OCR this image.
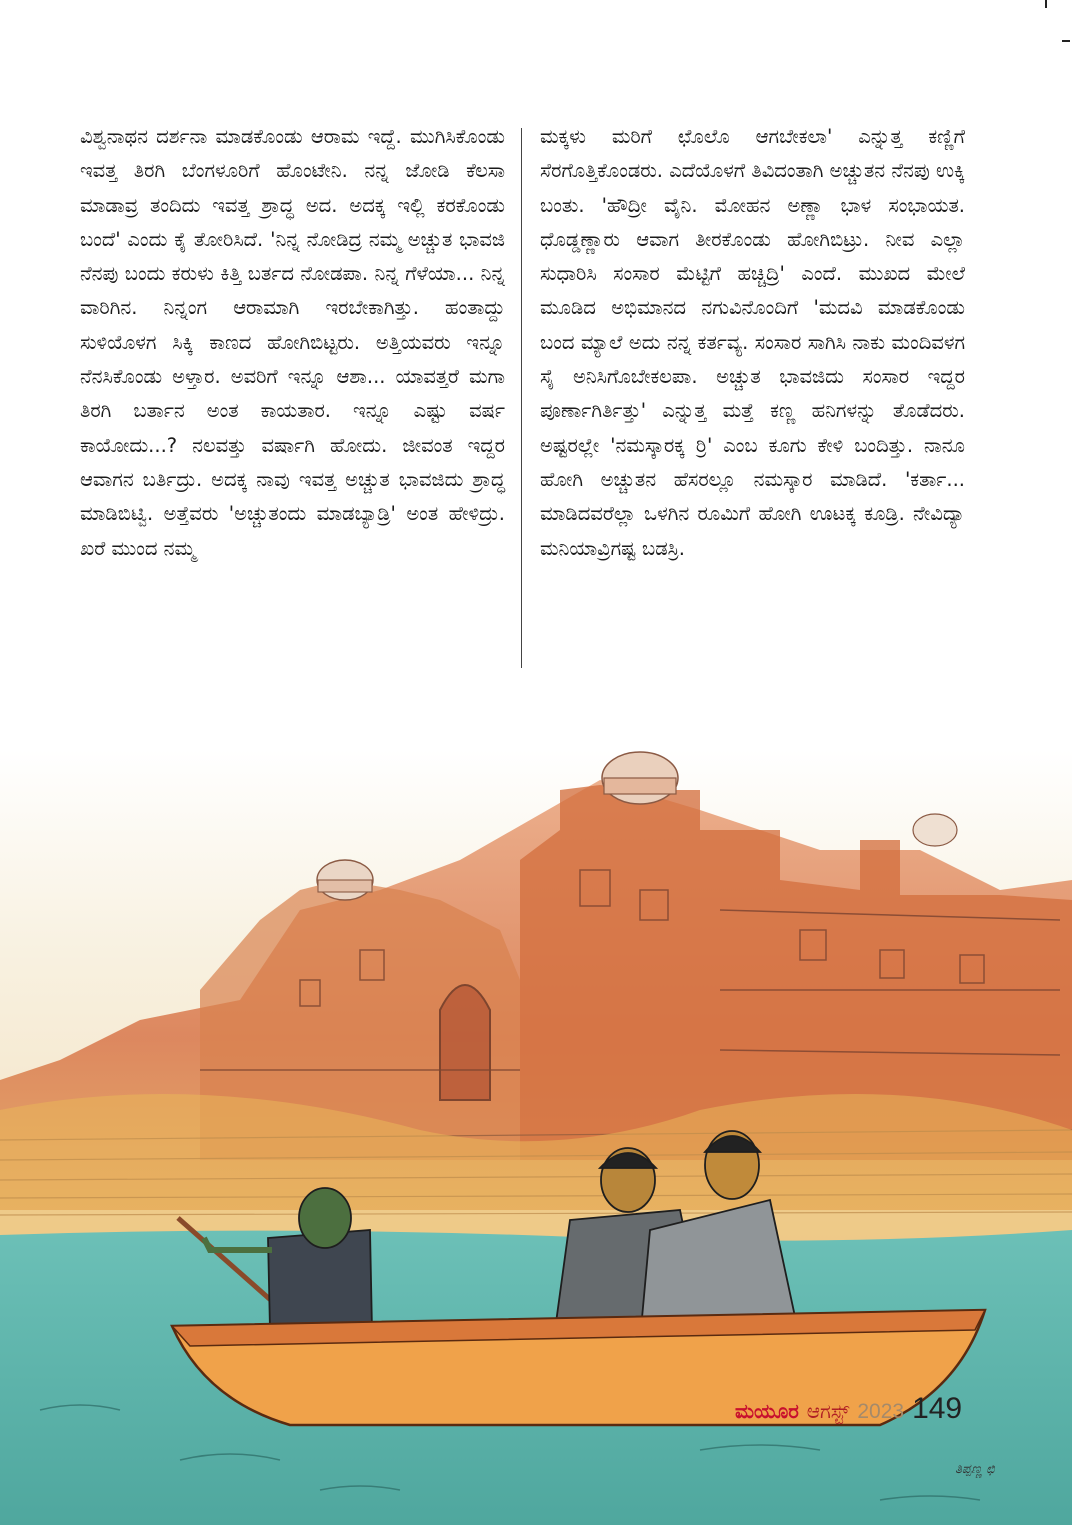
ವಿಶ್ವನಾಥನ ದರ್ಶನಾ ಮಾಡಕೊಂಡು ಆರಾಮ ಇದ್ದೆ. ಮುಗಿಸಿಕೊಂಡು ಇವತ್ತ ತಿರಗಿ ಬೆಂಗಳೂರಿಗೆ ಹೊಂಟೇನಿ. ನನ್ನ ಜೋಡಿ ಕೆಲಸಾ ಮಾಡಾವ್ರ ತಂದಿದು ಇವತ್ತ ಶ್ರಾದ್ಧ ಅದ. ಅದಕ್ಕ ಇಲ್ಲಿ ಕರಕೊಂಡು ಬಂದೆ' ಎಂದು ಕೈ ತೋರಿಸಿದೆ. 'ನಿನ್ನ ನೋಡಿದ್ರ ನಮ್ಮ ಅಚ್ಚುತ ಭಾವಜಿ ನೆನಪು ಬಂದು ಕರುಳು ಕಿತ್ತಿ ಬರ್ತದ ನೋಡಪಾ. ನಿನ್ನ ಗೆಳೆಯಾ... ನಿನ್ನ ವಾರಿಗಿನ. ನಿನ್ನಂಗ ಆರಾಮಾಗಿ ಇರಬೇಕಾಗಿತ್ತು. ಹಂತಾದ್ದು ಸುಳಿಯೊಳಗ ಸಿಕ್ಕಿ ಕಾಣದ ಹೋಗಿಬಿಟ್ಟರು. ಅತ್ತಿಯವರು ಇನ್ನೂ ನೆನಸಿಕೊಂಡು ಅಳ್ತಾರ. ಅವರಿಗೆ ಇನ್ನೂ ಆಶಾ... ಯಾವತ್ತರೆ ಮಗಾ ತಿರಗಿ ಬರ್ತಾನ ಅಂತ ಕಾಯತಾರ. ಇನ್ನೂ ಎಷ್ಟು ವರ್ಷ ಕಾಯೋದು...? ನಲವತ್ತು ವರ್ಷಾಗಿ ಹೋದು. ಜೀವಂತ ಇದ್ದರ ಆವಾಗನ ಬರ್ತಿದ್ರು. ಅದಕ್ಕ ನಾವು ಇವತ್ತ ಅಚ್ಚುತ ಭಾವಜಿದು ಶ್ರಾದ್ಧ ಮಾಡಿಬಿಟ್ವಿ. ಅತ್ತೆವರು 'ಅಚ್ಚುತಂದು ಮಾಡಬ್ಯಾಡ್ರಿ' ಅಂತ ಹೇಳಿದ್ರು. ಖರೆ ಮುಂದ ನಮ್ಮ

ಮಕ್ಕಳು ಮರಿಗೆ ಛೊಲೊ ಆಗಬೇಕಲಾ' ಎನ್ನುತ್ತ ಕಣ್ಣಿಗೆ ಸೆರಗೊತ್ತಿಕೊಂಡರು. ಎದೆಯೊಳಗೆ ತಿವಿದಂತಾಗಿ ಅಚ್ಚುತನ ನೆನಪು ಉಕ್ಕಿ ಬಂತು. 'ಹೌದ್ರೀ ವೈನಿ. ಮೋಹನ ಅಣ್ಣಾ ಭಾಳ ಸಂಭಾಯತ. ಧೊಡ್ಡಣ್ಣಾರು ಆವಾಗ ತೀರಕೊಂಡು ಹೋಗಿಬಿಟ್ರು. ನೀವ ಎಲ್ಲಾ ಸುಧಾರಿಸಿ ಸಂಸಾರ ಮೆಟ್ಟಿಗೆ ಹಚ್ಚಿದ್ರಿ' ಎಂದೆ. ಮುಖದ ಮೇಲೆ ಮೂಡಿದ ಅಭಿಮಾನದ ನಗುವಿನೊಂದಿಗೆ 'ಮದವಿ ಮಾಡಕೊಂಡು ಬಂದ ಮ್ಯಾಲೆ ಅದು ನನ್ನ ಕರ್ತವ್ಯ. ಸಂಸಾರ ಸಾಗಿಸಿ ನಾಕು ಮಂದಿವಳಗ ಸೈ ಅನಿಸಿಗೊಬೇಕಲಪಾ. ಅಚ್ಚುತ ಭಾವಜಿದು ಸಂಸಾರ ಇದ್ದರ ಪೂರ್ಣಾಗಿರ್ತಿತ್ತು' ಎನ್ನುತ್ತ ಮತ್ತೆ ಕಣ್ಣ ಹನಿಗಳನ್ನು ತೊಡೆದರು. ಅಷ್ಟರಲ್ಲೇ 'ನಮಸ್ಕಾರಕ್ಕ ರ್ರಿ' ಎಂಬ ಕೂಗು ಕೇಳಿ ಬಂದಿತ್ತು. ನಾನೂ ಹೋಗಿ ಅಚ್ಚುತನ ಹೆಸರಲ್ಲೂ ನಮಸ್ಕಾರ ಮಾಡಿದೆ. 'ಕರ್ತಾ... ಮಾಡಿದವರೆಲ್ಲಾ ಒಳಗಿನ ರೂಮಿಗೆ ಹೋಗಿ ಊಟಕ್ಕ ಕೂಡ್ರಿ. ನೇವಿದ್ಯಾ ಮನಿಯಾವ್ರಿಗಷ್ಟ ಬಡಸ್ರಿ.

ಮಯೂರ ಆಗಸ್ಟ್ 2023 149
ತಿಪ್ಪಣ್ಣ ಛಿ
